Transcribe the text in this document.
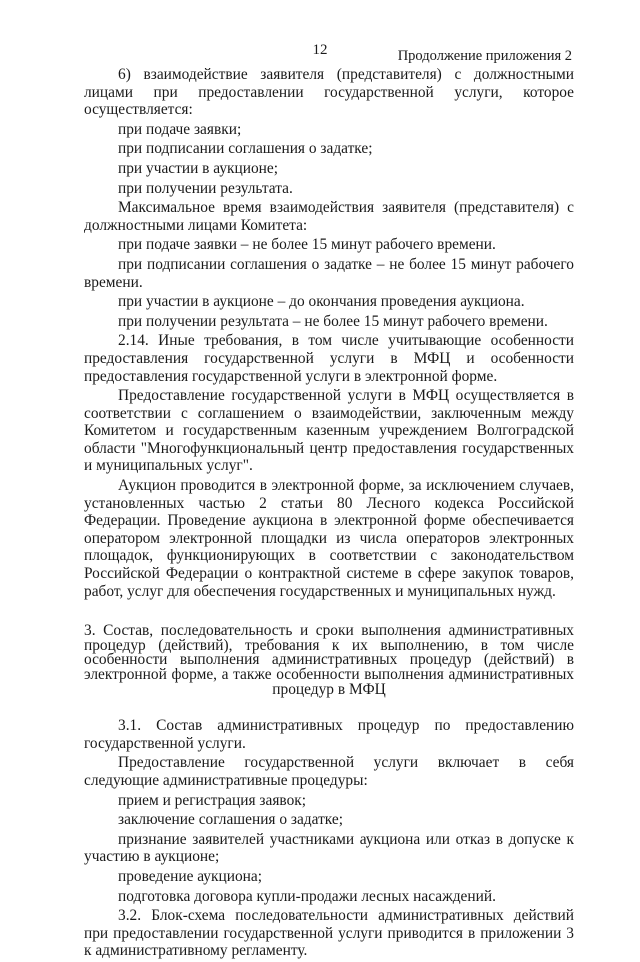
12	Продолжение приложения 2

6) взаимодействие заявителя (представителя) с должностными лицами при предоставлении государственной услуги, которое осуществляется:

при подаче заявки;

при подписании соглашения о задатке;

при участии в аукционе;

при получении результата.

Максимальное время взаимодействия заявителя (представителя) с должностными лицами Комитета:

при подаче заявки – не более 15 минут рабочего времени.

при подписании соглашения о задатке – не более 15 минут рабочего времени.

при участии в аукционе – до окончания проведения аукциона.

при получении результата – не более 15 минут рабочего времени.

2.14. Иные требования, в том числе учитывающие особенности предоставления государственной услуги в МФЦ и особенности предоставления государственной услуги в электронной форме.

Предоставление государственной услуги в МФЦ осуществляется в соответствии с соглашением о взаимодействии, заключенным между Комитетом и государственным казенным учреждением Волгоградской области "Многофункциональный центр предоставления государственных и муниципальных услуг".

Аукцион проводится в электронной форме, за исключением случаев, установленных частью 2 статьи 80 Лесного кодекса Российской Федерации. Проведение аукциона в электронной форме обеспечивается оператором электронной площадки из числа операторов электронных площадок, функционирующих в соответствии с законодательством Российской Федерации о контрактной системе в сфере закупок товаров, работ, услуг для обеспечения государственных и муниципальных нужд.

3. Состав, последовательность и сроки выполнения административных процедур (действий), требования к их выполнению, в том числе особенности выполнения административных процедур (действий) в электронной форме, а также особенности выполнения административных процедур в МФЦ

3.1. Состав административных процедур по предоставлению государственной услуги.

Предоставление государственной услуги включает в себя следующие административные процедуры:

прием и регистрация заявок;

заключение соглашения о задатке;

признание заявителей участниками аукциона или отказ в допуске к участию в аукционе;

проведение аукциона;

подготовка договора купли-продажи лесных насаждений.

3.2. Блок-схема последовательности административных действий при предоставлении государственной услуги приводится в приложении 3 к административному регламенту.
